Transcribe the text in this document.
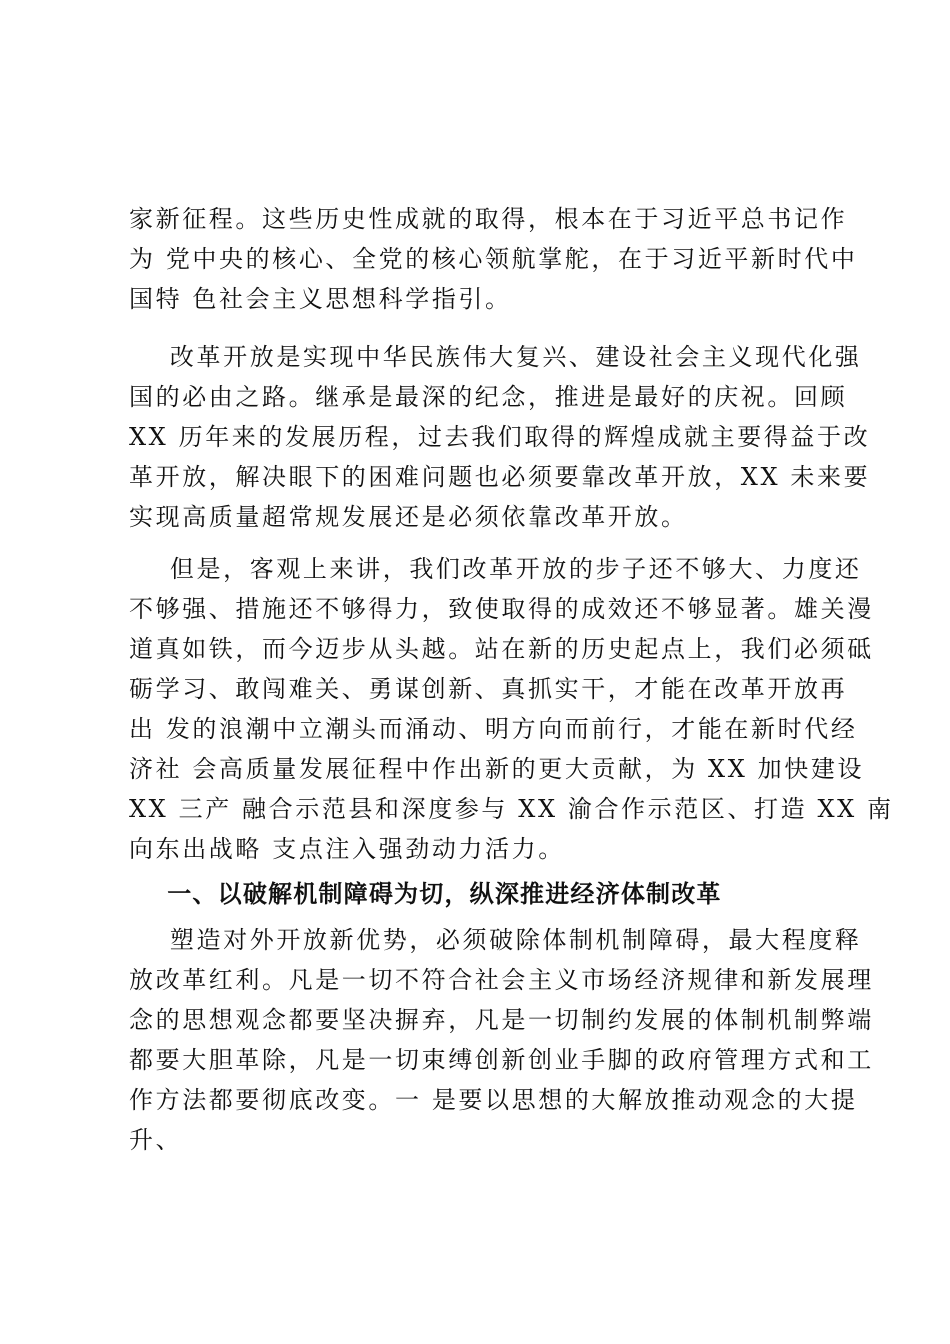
家新征程。这些历史性成就的取得，根本在于习近平总书记作
为 党中央的核心、全党的核心领航掌舵，在于习近平新时代中
国特 色社会主义思想科学指引。
改革开放是实现中华民族伟大复兴、建设社会主义现代化强
国的必由之路。继承是最深的纪念，推进是最好的庆祝。回顾
XX 历年来的发展历程，过去我们取得的辉煌成就主要得益于改
革开放，解决眼下的困难问题也必须要靠改革开放，XX 未来要
实现高质量超常规发展还是必须依靠改革开放。
但是，客观上来讲，我们改革开放的步子还不够大、力度还
不够强、措施还不够得力，致使取得的成效还不够显著。雄关漫
道真如铁，而今迈步从头越。站在新的历史起点上，我们必须砥
砺学习、敢闯难关、勇谋创新、真抓实干，才能在改革开放再
出 发的浪潮中立潮头而涌动、明方向而前行，才能在新时代经
济社 会高质量发展征程中作出新的更大贡献，为 XX 加快建设
XX 三产 融合示范县和深度参与 XX 渝合作示范区、打造 XX 南
向东出战略 支点注入强劲动力活力。
一、以破解机制障碍为切，纵深推进经济体制改革
塑造对外开放新优势，必须破除体制机制障碍，最大程度释
放改革红利。凡是一切不符合社会主义市场经济规律和新发展理
念的思想观念都要坚决摒弃，凡是一切制约发展的体制机制弊端
都要大胆革除，凡是一切束缚创新创业手脚的政府管理方式和工
作方法都要彻底改变。一 是要以思想的大解放推动观念的大提
升、
